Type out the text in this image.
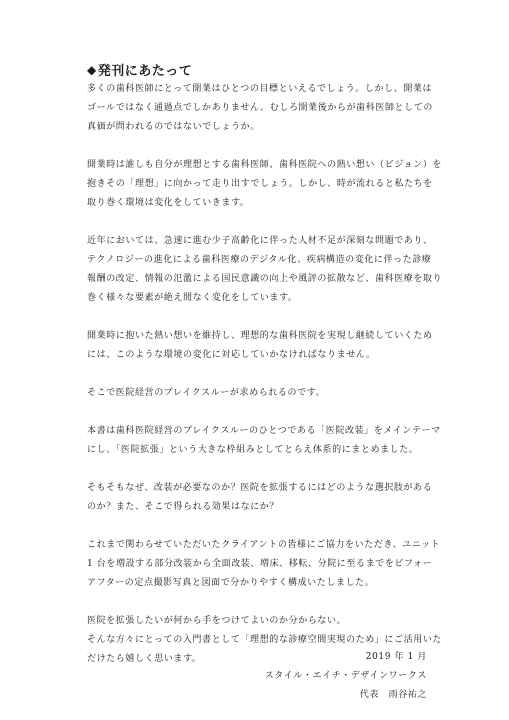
◆ 発刊にあたって
多くの歯科医師にとって開業はひとつの目標といえるでしょう。しかし、開業は
ゴールではなく通過点でしかありません。むしろ開業後からが歯科医師としての
真価が問われるのではないでしょうか。
開業時は誰しも自分が理想とする歯科医師、歯科医院への熱い想い（ビジョン）を
抱きその「理想」に向かって走り出すでしょう。しかし、時が流れると私たちを
取り巻く環境は変化をしていきます。
近年においては、急速に進む少子高齢化に伴った人材不足が深刻な問題であり、
テクノロジーの進化による歯科医療のデジタル化、疾病構造の変化に伴った診療
報酬の改定、情報の氾濫による国民意識の向上や風評の拡散など、歯科医療を取り
巻く様々な要素が絶え間なく変化をしています。
開業時に抱いた熱い想いを維持し、理想的な歯科医院を実現し継続していくため
には、このような環境の変化に対応していかなければなりません。
そこで医院経営のブレイクスルーが求められるのです。
本書は歯科医院経営のブレイクスルーのひとつである「医院改装」をメインテーマ
にし、「医院拡張」という大きな枠組みとしてとらえ体系的にまとめました。
そもそもなぜ、改装が必要なのか？医院を拡張するにはどのような選択肢がある
のか？また、そこで得られる効果はなにか？
これまで関わらせていただいたクライアントの皆様にご協力をいただき、ユニット
1 台を増設する部分改装から全面改装、増床、移転、分院に至るまでをビフォー
アフターの定点撮影写真と図面で分かりやすく構成いたしました。
医院を拡張したいが何から手をつけてよいのか分からない。
そんな方々にとっての入門書として「理想的な診療空間実現のため」にご活用いた
だけたら嬉しく思います。	2019 年 1 月
スタイル・エイチ・デザインワークス
代表　雨谷祐之
